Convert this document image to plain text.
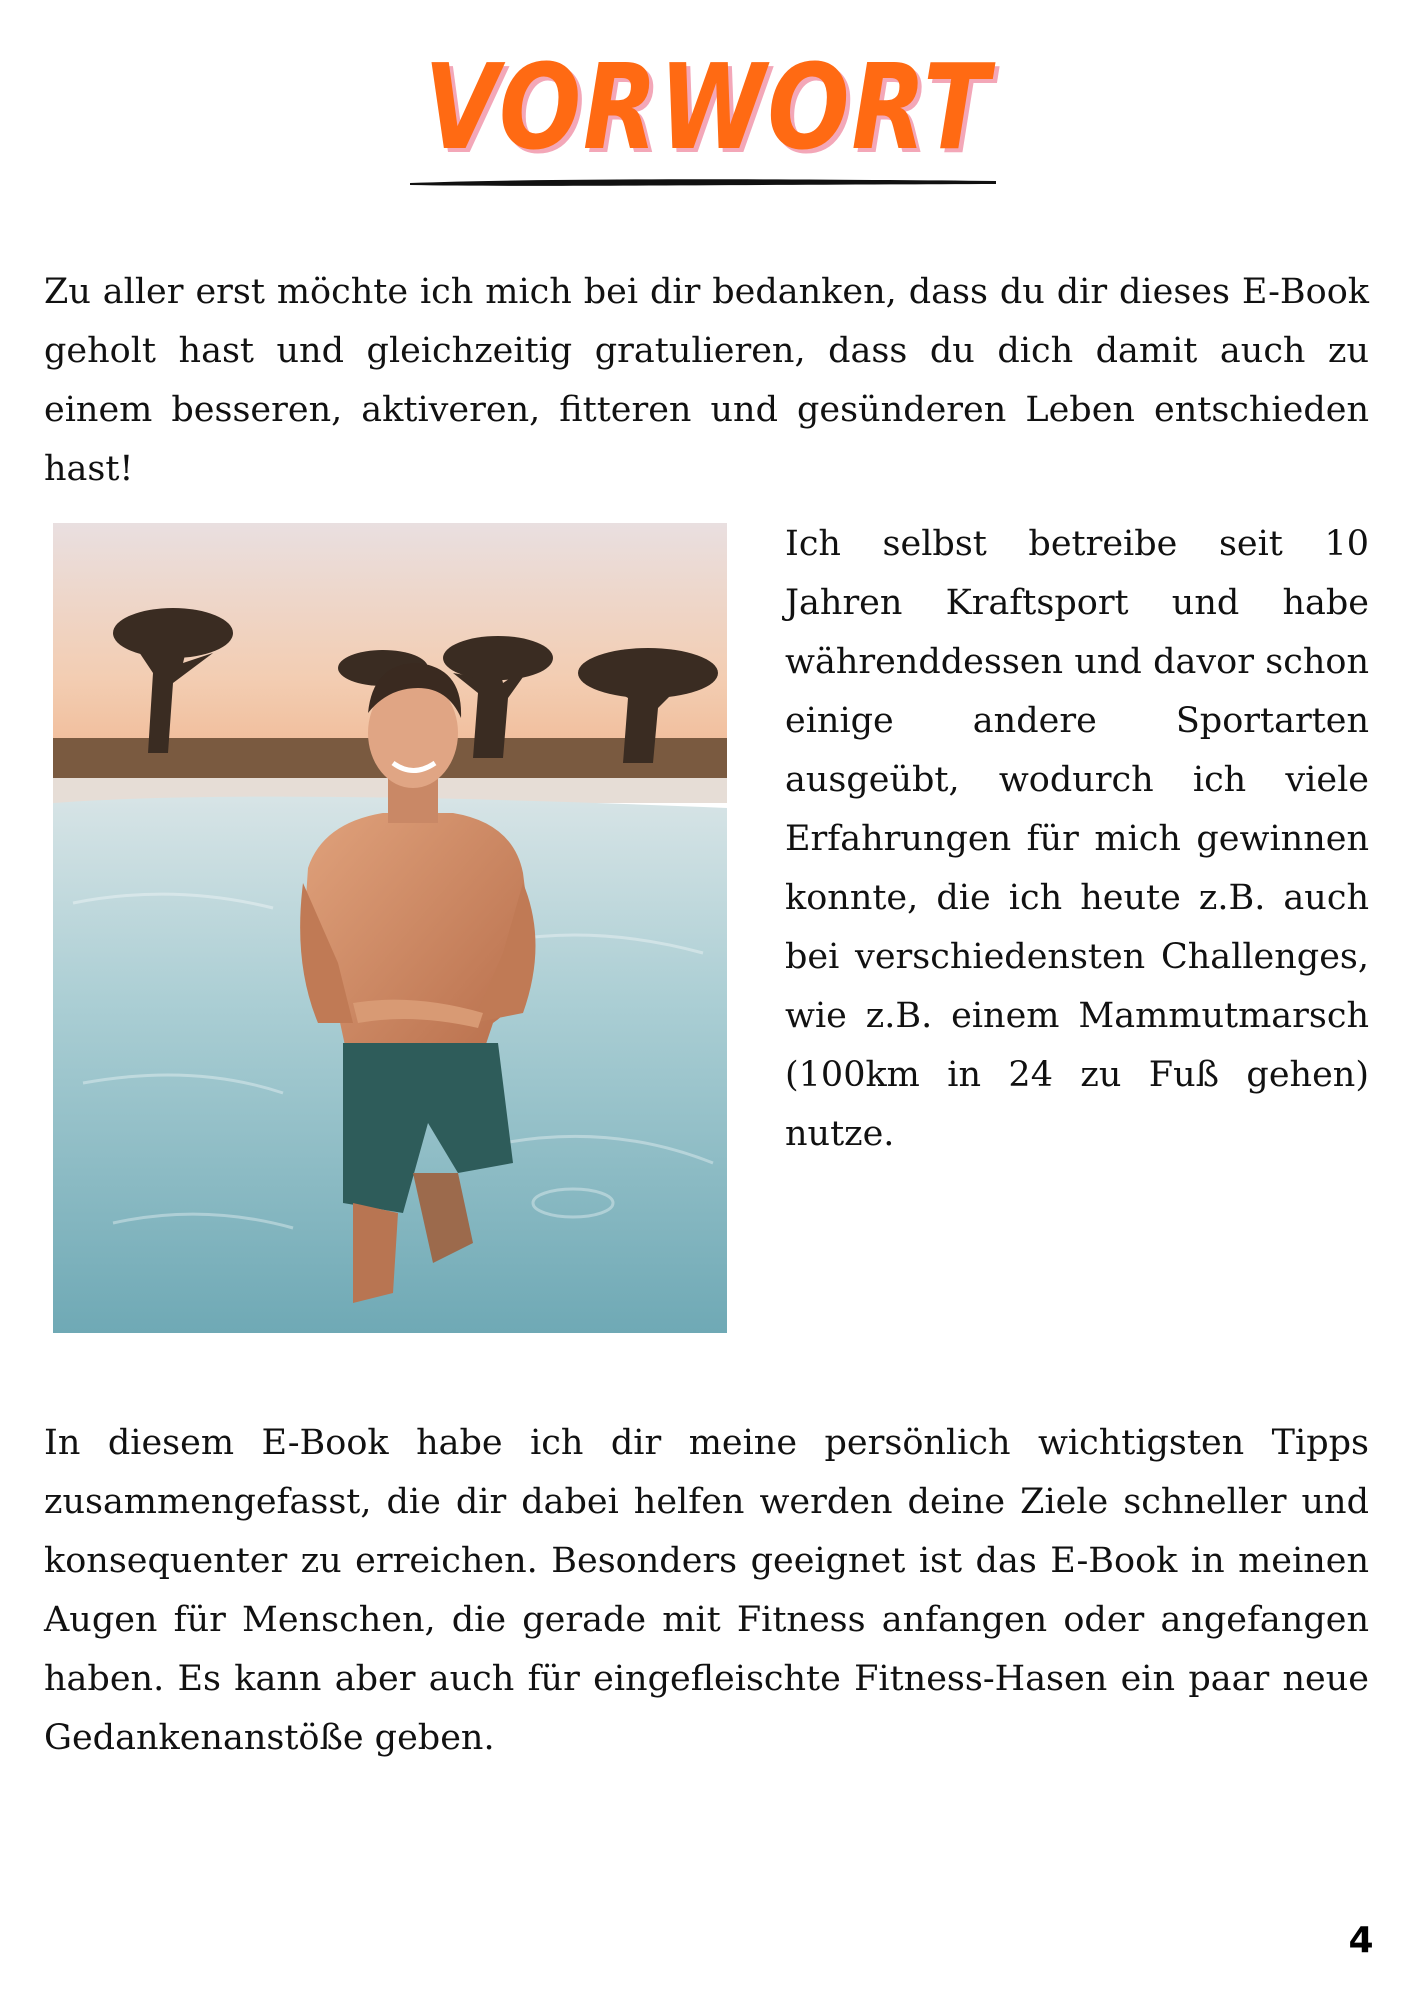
VORWORT

Zu aller erst möchte ich mich bei dir bedanken, dass du dir dieses E-Book geholt hast und gleichzeitig gratulieren, dass du dich damit auch zu einem besseren, aktiveren, fitteren und gesünderen Leben entschieden hast!

Ich selbst betreibe seit 10 Jahren Kraftsport und habe währenddessen und davor schon einige andere Sportarten ausgeübt, wodurch ich viele Erfahrungen für mich gewinnen konnte, die ich heute z.B. auch bei verschiedensten Challenges, wie z.B. einem Mammutmarsch (100km in 24 zu Fuß gehen) nutze.

In diesem E-Book habe ich dir meine persönlich wichtigsten Tipps zusammengefasst, die dir dabei helfen werden deine Ziele schneller und konsequenter zu erreichen. Besonders geeignet ist das E-Book in meinen Augen für Menschen, die gerade mit Fitness anfangen oder angefangen haben. Es kann aber auch für eingefleischte Fitness-Hasen ein paar neue Gedankenanstöße geben.

4
